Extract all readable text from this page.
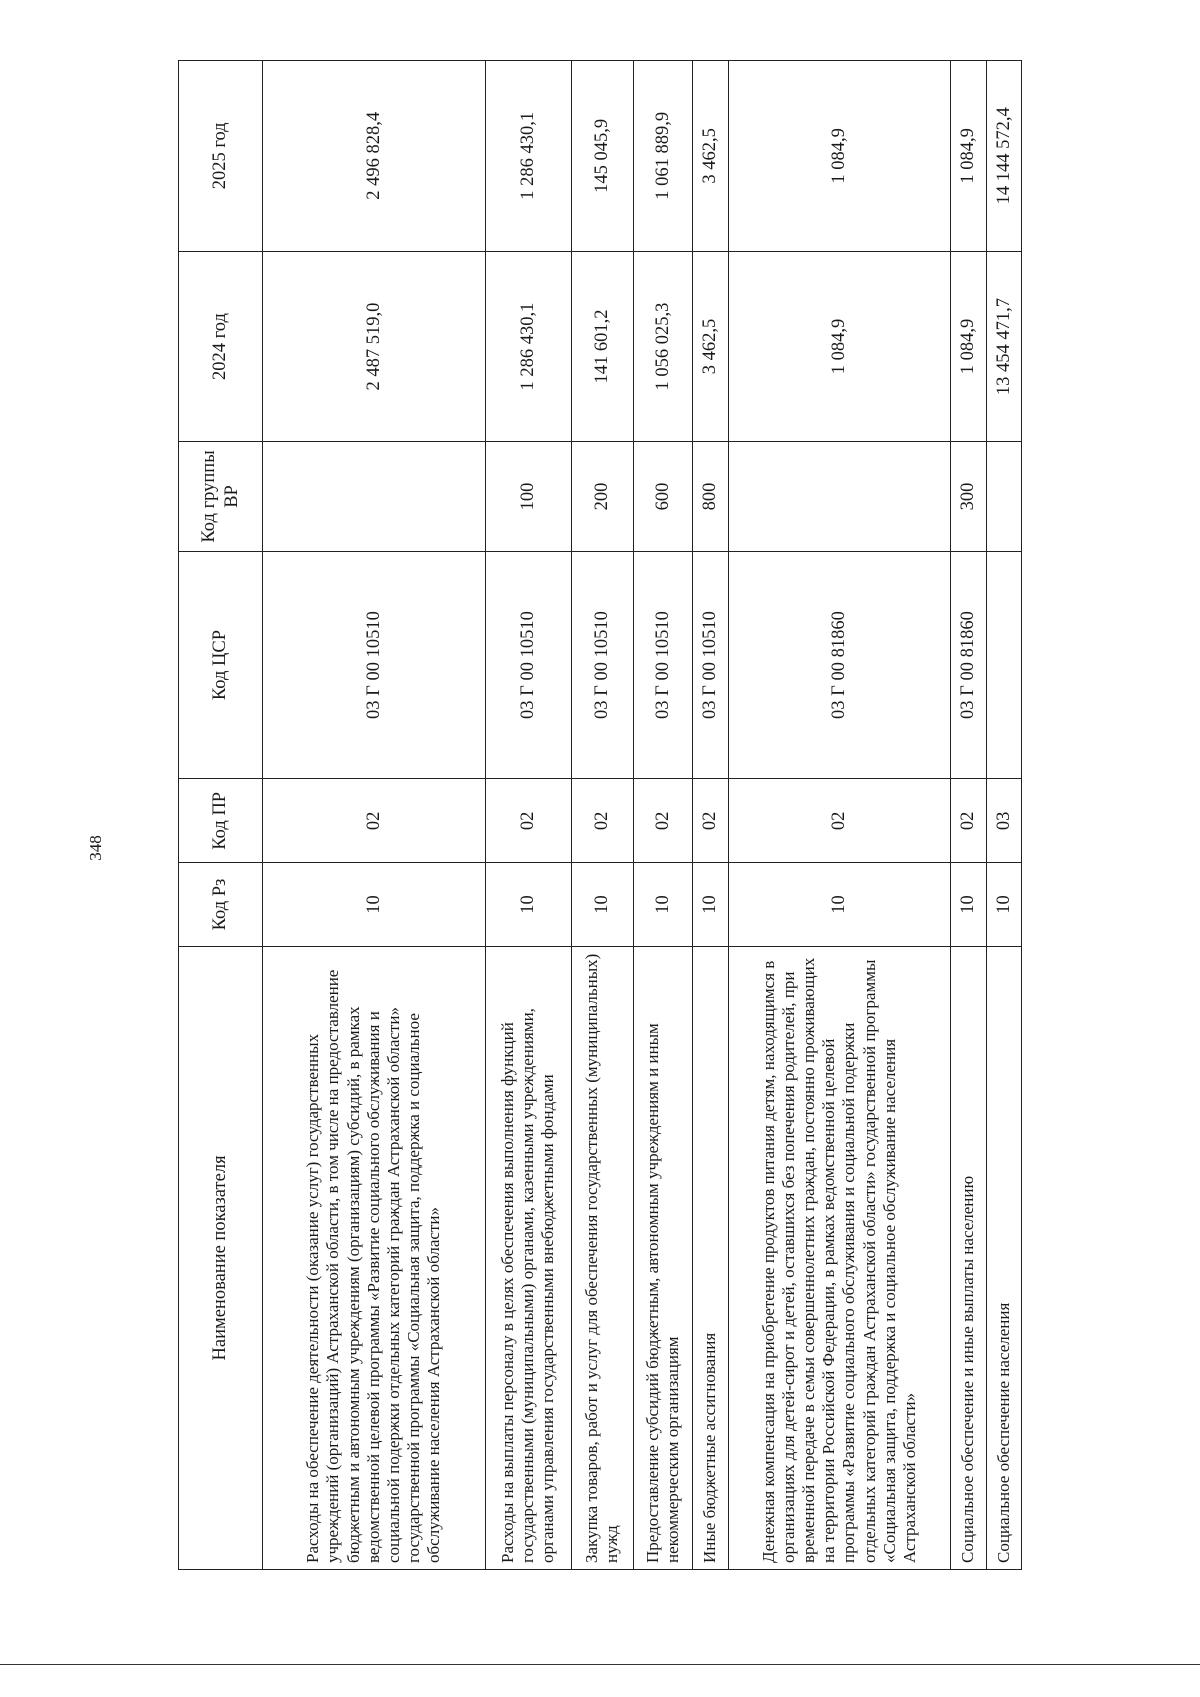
348
Наименование показателя	Код Рз	Код ПР	Код ЦСР	Код группы ВР	2024 год	2025 год
Расходы на обеспечение деятельности (оказание услуг) государственных учреждений (организаций) Астраханской области, в том числе на предоставление бюджетным и автономным учреждениям (организациям) субсидий, в рамках ведомственной целевой программы «Развитие социального обслуживания и социальной подержки отдельных категорий граждан Астраханской области» государственной программы «Социальная защита, поддержка и социальное обслуживание населения Астраханской области»	10	02	03 Г 00 10510		2 487 519,0	2 496 828,4
Расходы на выплаты персоналу в целях обеспечения выполнения функций государственными (муниципальными) органами, казенными учреждениями, органами управления государственными внебюджетными фондами	10	02	03 Г 00 10510	100	1 286 430,1	1 286 430,1
Закупка товаров, работ и услуг для обеспечения государственных (муниципальных) нужд	10	02	03 Г 00 10510	200	141 601,2	145 045,9
Предоставление субсидий бюджетным, автономным учреждениям и иным некоммерческим организациям	10	02	03 Г 00 10510	600	1 056 025,3	1 061 889,9
Иные бюджетные ассигнования	10	02	03 Г 00 10510	800	3 462,5	3 462,5
Денежная компенсация на приобретение продуктов питания детям, находящимся в организациях для детей-сирот и детей, оставшихся без попечения родителей, при временной передаче в семьи совершеннолетних граждан, постоянно проживающих на территории Российской Федерации, в рамках ведомственной целевой программы «Развитие социального обслуживания и социальной подержки отдельных категорий граждан Астраханской области» государственной программы «Социальная защита, поддержка и социальное обслуживание населения Астраханской области»	10	02	03 Г 00 81860		1 084,9	1 084,9
Социальное обеспечение и иные выплаты населению	10	02	03 Г 00 81860	300	1 084,9	1 084,9
Социальное обеспечение населения	10	03			13 454 471,7	14 144 572,4
